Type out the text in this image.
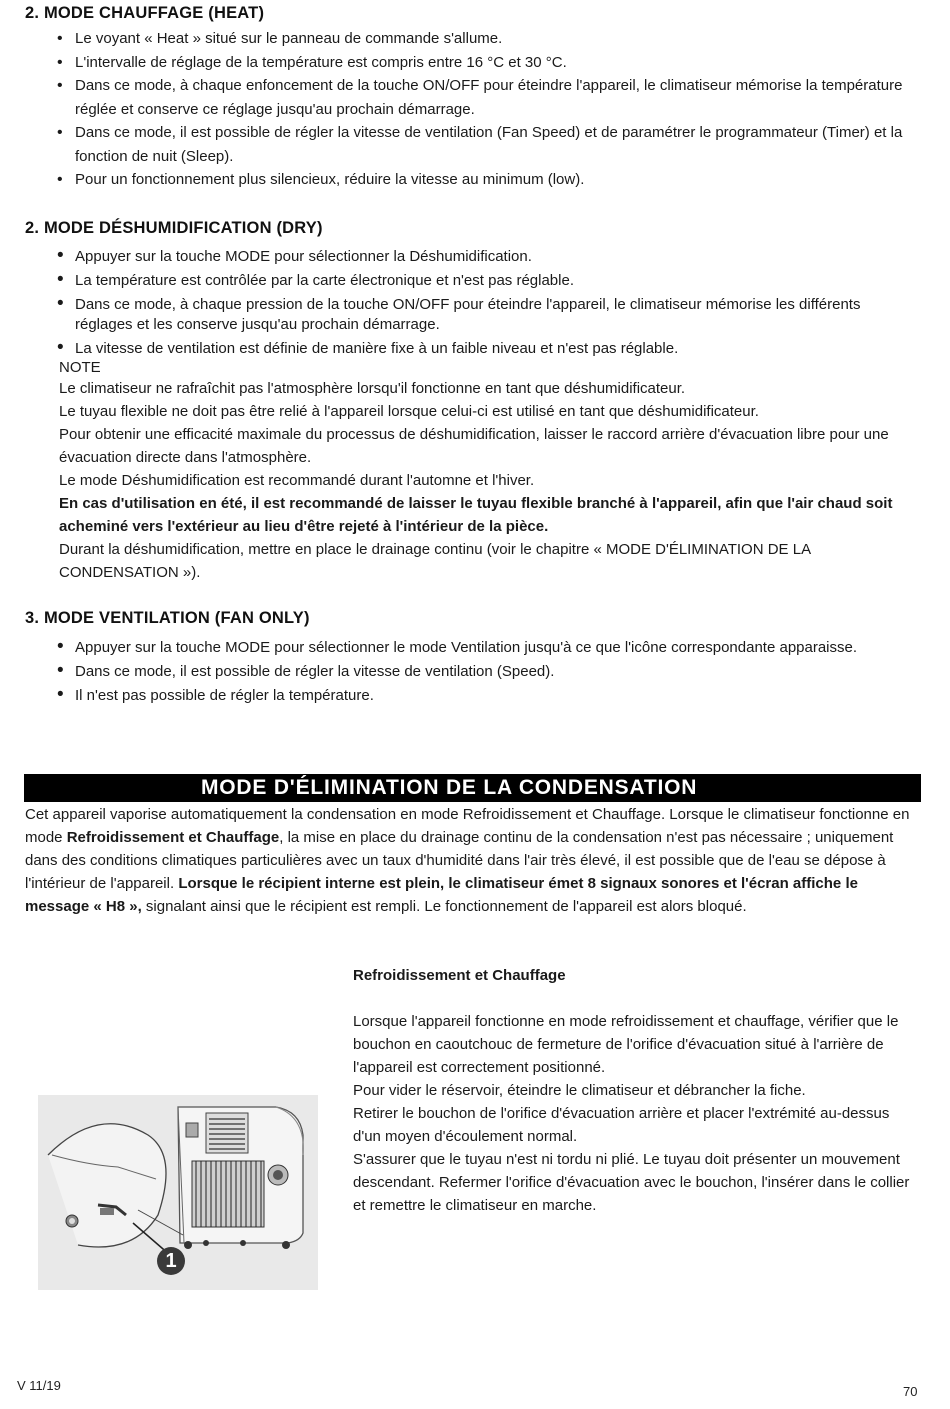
2. MODE CHAUFFAGE (HEAT)
• Le voyant « Heat » situé sur le panneau de commande s'allume.
• L'intervalle de réglage de la température est compris entre 16 °C et 30 °C.
• Dans ce mode, à chaque enfoncement de la touche ON/OFF pour éteindre l'appareil, le climatiseur mémorise la température réglée et conserve ce réglage jusqu'au prochain démarrage.
• Dans ce mode, il est possible de régler la vitesse de ventilation (Fan Speed) et de paramétrer le programmateur (Timer) et la fonction de nuit (Sleep).
• Pour un fonctionnement plus silencieux, réduire la vitesse au minimum (low).
2. MODE DÉSHUMIDIFICATION (DRY)
• Appuyer sur la touche MODE pour sélectionner la Déshumidification.
• La température est contrôlée par la carte électronique et n'est pas réglable.
• Dans ce mode, à chaque pression de la touche ON/OFF pour éteindre l'appareil, le climatiseur mémorise les différents réglages et les conserve jusqu'au prochain démarrage.
• La vitesse de ventilation est définie de manière fixe à un faible niveau et n'est pas réglable.

NOTE

Le climatiseur ne rafraîchit pas l'atmosphère lorsqu'il fonctionne en tant que déshumidificateur.

Le tuyau flexible ne doit pas être relié à l'appareil lorsque celui-ci est utilisé en tant que déshumidificateur.

Pour obtenir une efficacité maximale du processus de déshumidification, laisser le raccord arrière d'évacuation libre pour une évacuation directe dans l'atmosphère.

Le mode Déshumidification est recommandé durant l'automne et l'hiver.

En cas d'utilisation en été, il est recommandé de laisser le tuyau flexible branché à l'appareil, afin que l'air chaud soit acheminé vers l'extérieur au lieu d'être rejeté à l'intérieur de la pièce.

Durant la déshumidification, mettre en place le drainage continu (voir le chapitre « MODE D'ÉLIMINATION DE LA CONDENSATION »).

3. MODE VENTILATION (FAN ONLY)
• Appuyer sur la touche MODE pour sélectionner le mode Ventilation jusqu'à ce que l'icône correspondante apparaisse.
• Dans ce mode, il est possible de régler la vitesse de ventilation (Speed).
• Il n'est pas possible de régler la température.
MODE D'ÉLIMINATION DE LA CONDENSATION

Cet appareil vaporise automatiquement la condensation en mode Refroidissement et Chauffage. Lorsque le climatiseur fonctionne en mode Refroidissement et Chauffage, la mise en place du drainage continu de la condensation n'est pas nécessaire ; uniquement dans des conditions climatiques particulières avec un taux d'humidité dans l'air très élevé, il est possible que de l'eau se dépose à l'intérieur de l'appareil. Lorsque le récipient interne est plein, le climatiseur émet 8 signaux sonores et l'écran affiche le message « H8 », signalant ainsi que le récipient est rempli. Le fonctionnement de l'appareil est alors bloqué.

Refroidissement et Chauffage

Lorsque l'appareil fonctionne en mode refroidissement et chauffage, vérifier que le bouchon en caoutchouc de fermeture de l'orifice d'évacuation situé à l'arrière de l'appareil est correctement positionné.

Pour vider le réservoir, éteindre le climatiseur et débrancher la fiche.

Retirer le bouchon de l'orifice d'évacuation arrière et placer l'extrémité au-dessus d'un moyen d'écoulement normal.

S'assurer que le tuyau n'est ni tordu ni plié. Le tuyau doit présenter un mouvement descendant. Refermer l'orifice d'évacuation avec le bouchon, l'insérer dans le collier et remettre le climatiseur en marche.

1
V 11/19	70
